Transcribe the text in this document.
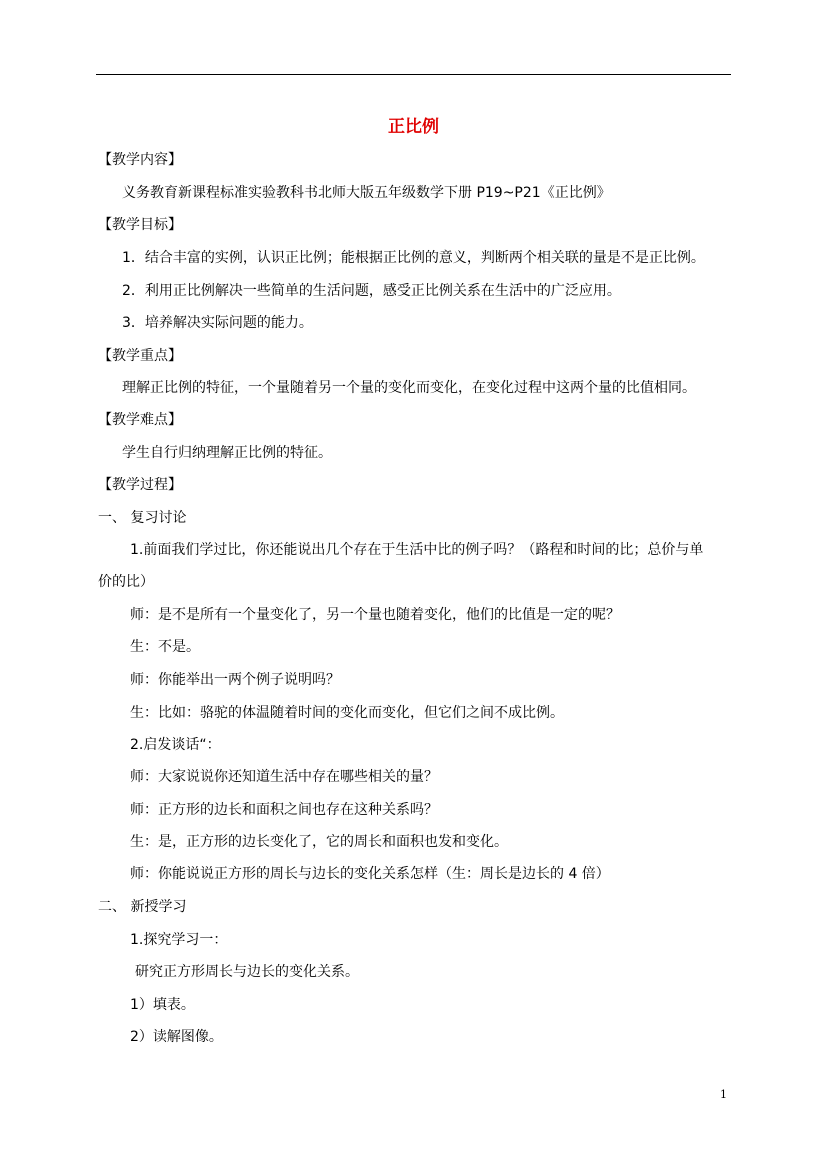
正比例
【教学内容】
义务教育新课程标准实验教科书北师大版五年级数学下册 P19~P21《正比例》
【教学目标】
1．结合丰富的实例，认识正比例；能根据正比例的意义，判断两个相关联的量是不是正比例。
2．利用正比例解决一些简单的生活问题，感受正比例关系在生活中的广泛应用。
3．培养解决实际问题的能力。
【教学重点】
理解正比例的特征，一个量随着另一个量的变化而变化，在变化过程中这两个量的比值相同。
【教学难点】
学生自行归纳理解正比例的特征。
【教学过程】
一、 复习讨论
1.前面我们学过比，你还能说出几个存在于生活中比的例子吗？（路程和时间的比；总价与单
价的比）
师：是不是所有一个量变化了，另一个量也随着变化，他们的比值是一定的呢？
生：不是。
师：你能举出一两个例子说明吗？
生：比如：骆驼的体温随着时间的变化而变化，但它们之间不成比例。
2.启发谈话“：
师：大家说说你还知道生活中存在哪些相关的量？
师：正方形的边长和面积之间也存在这种关系吗？
生：是，正方形的边长变化了，它的周长和面积也发和变化。
师：你能说说正方形的周长与边长的变化关系怎样（生：周长是边长的 4 倍）
二、 新授学习
1.探究学习一：
研究正方形周长与边长的变化关系。
1）填表。
2）读解图像。
1
